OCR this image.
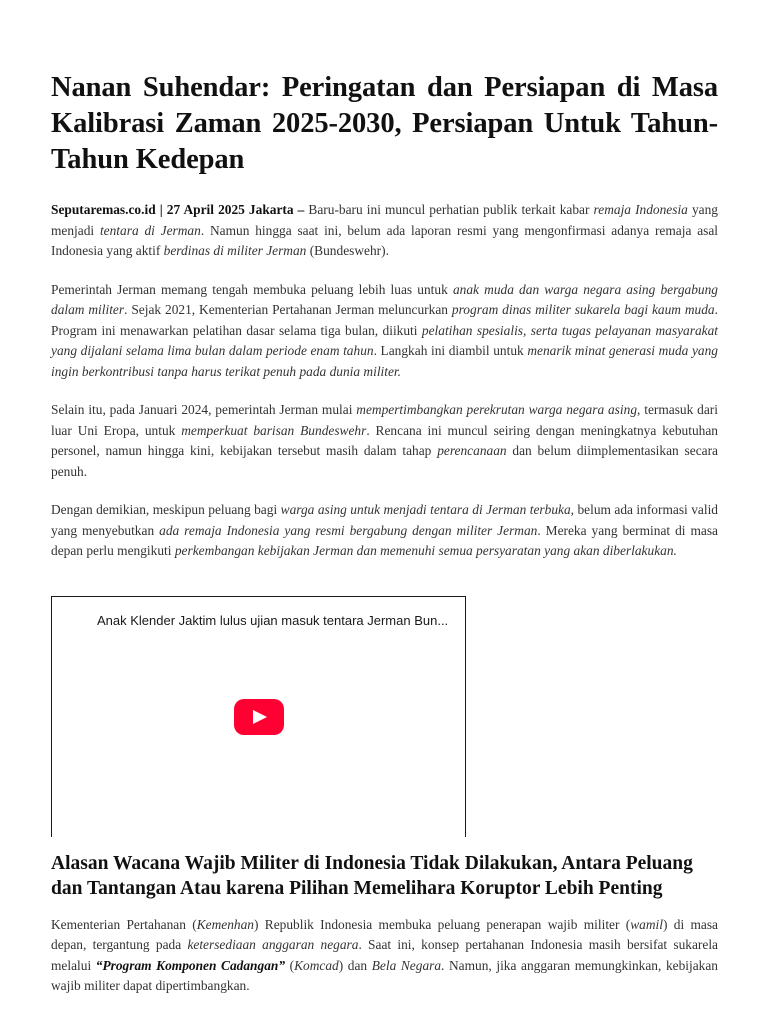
Nanan Suhendar: Peringatan dan Persiapan di Masa Kalibrasi Zaman 2025-2030, Persiapan Untuk Tahun-Tahun Kedepan

Seputaremas.co.id | 27 April 2025 Jakarta – Baru-baru ini muncul perhatian publik terkait kabar remaja Indonesia yang menjadi tentara di Jerman. Namun hingga saat ini, belum ada laporan resmi yang mengonfirmasi adanya remaja asal Indonesia yang aktif berdinas di militer Jerman (Bundeswehr).

Pemerintah Jerman memang tengah membuka peluang lebih luas untuk anak muda dan warga negara asing bergabung dalam militer. Sejak 2021, Kementerian Pertahanan Jerman meluncurkan program dinas militer sukarela bagi kaum muda. Program ini menawarkan pelatihan dasar selama tiga bulan, diikuti pelatihan spesialis, serta tugas pelayanan masyarakat yang dijalani selama lima bulan dalam periode enam tahun. Langkah ini diambil untuk menarik minat generasi muda yang ingin berkontribusi tanpa harus terikat penuh pada dunia militer.

Selain itu, pada Januari 2024, pemerintah Jerman mulai mempertimbangkan perekrutan warga negara asing, termasuk dari luar Uni Eropa, untuk memperkuat barisan Bundeswehr. Rencana ini muncul seiring dengan meningkatnya kebutuhan personel, namun hingga kini, kebijakan tersebut masih dalam tahap perencanaan dan belum diimplementasikan secara penuh.

Dengan demikian, meskipun peluang bagi warga asing untuk menjadi tentara di Jerman terbuka, belum ada informasi valid yang menyebutkan ada remaja Indonesia yang resmi bergabung dengan militer Jerman. Mereka yang berminat di masa depan perlu mengikuti perkembangan kebijakan Jerman dan memenuhi semua persyaratan yang akan diberlakukan.

Anak Klender Jaktim lulus ujian masuk tentara Jerman Bun...
Alasan Wacana Wajib Militer di Indonesia Tidak Dilakukan, Antara Peluang dan Tantangan Atau karena Pilihan Memelihara Koruptor Lebih Penting

Kementerian Pertahanan (Kemenhan) Republik Indonesia membuka peluang penerapan wajib militer (wamil) di masa depan, tergantung pada ketersediaan anggaran negara. Saat ini, konsep pertahanan Indonesia masih bersifat sukarela melalui “Program Komponen Cadangan” (Komcad) dan Bela Negara. Namun, jika anggaran memungkinkan, kebijakan wajib militer dapat dipertimbangkan.
